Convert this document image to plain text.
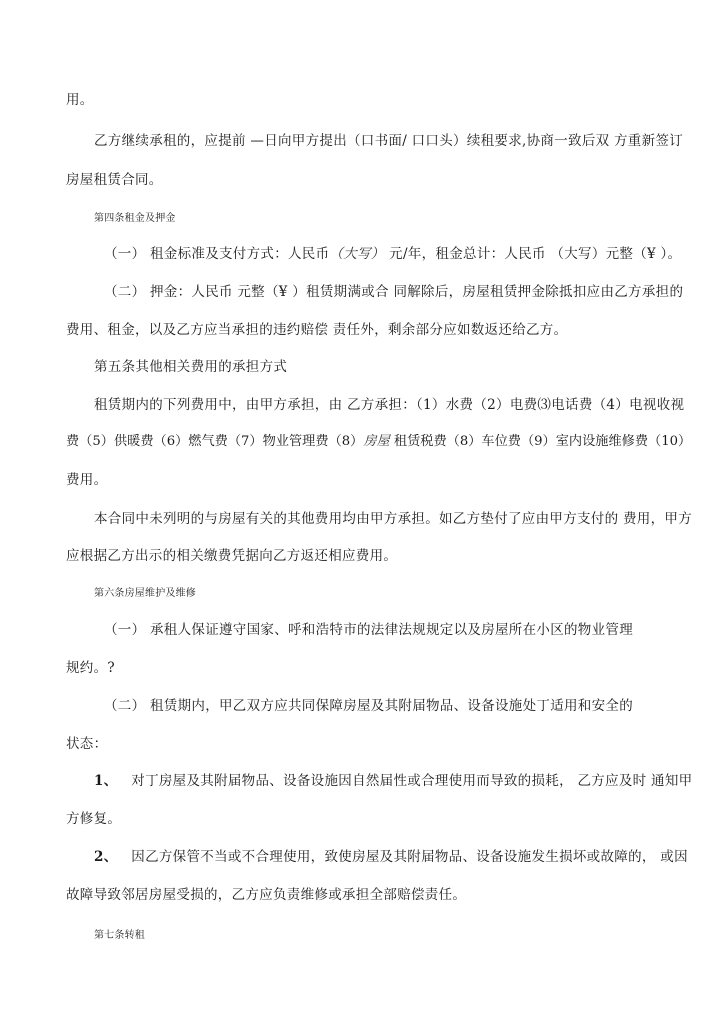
用。
乙方继续承租的，应提前 —日向甲方提出（口书面/ 口口头）续租要求,协商一致后双 方重新签订
房屋租赁合同。
第四条租金及押金
（一） 租金标准及支付方式：人民币（大写） 元/年，租金总计：人民币 （大写）元整（¥ ）。
（二） 押金：人民币 元整（¥ ）租赁期满或合 同解除后，房屋租赁押金除抵扣应由乙方承担的
费用、租金，以及乙方应当承担的违约赔偿 责任外，剩余部分应如数返还给乙方。
第五条其他相关费用的承担方式
租赁期内的下列费用中，由甲方承担，由 乙方承担：（1）水费（2）电费⑶电话费（4）电视收视
费（5）供暖费（6）燃气费（7）物业管理费（8）房屋 租赁税费（8）车位费（9）室内设施维修费（10）
费用。
本合同中未列明的与房屋有关的其他费用均由甲方承担。如乙方垫付了应由甲方支付的 费用，甲方
应根据乙方出示的相关缴费凭据向乙方返还相应费用。
第六条房屋维护及维修
（一） 承租人保证遵守国家、呼和浩特市的法律法规规定以及房屋所在小区的物业管理
规约。?
（二） 租赁期内，甲乙双方应共同保障房屋及其附届物品、设备设施处丁适用和安全的
状态：
1、 对丁房屋及其附届物品、设备设施因自然届性或合理使用而导致的损耗， 乙方应及时 通知甲
方修复。
2、 因乙方保管不当或不合理使用，致使房屋及其附届物品、设备设施发生损坏或故障的， 或因
故障导致邻居房屋受损的，乙方应负责维修或承担全部赔偿责任。
第七条转租
